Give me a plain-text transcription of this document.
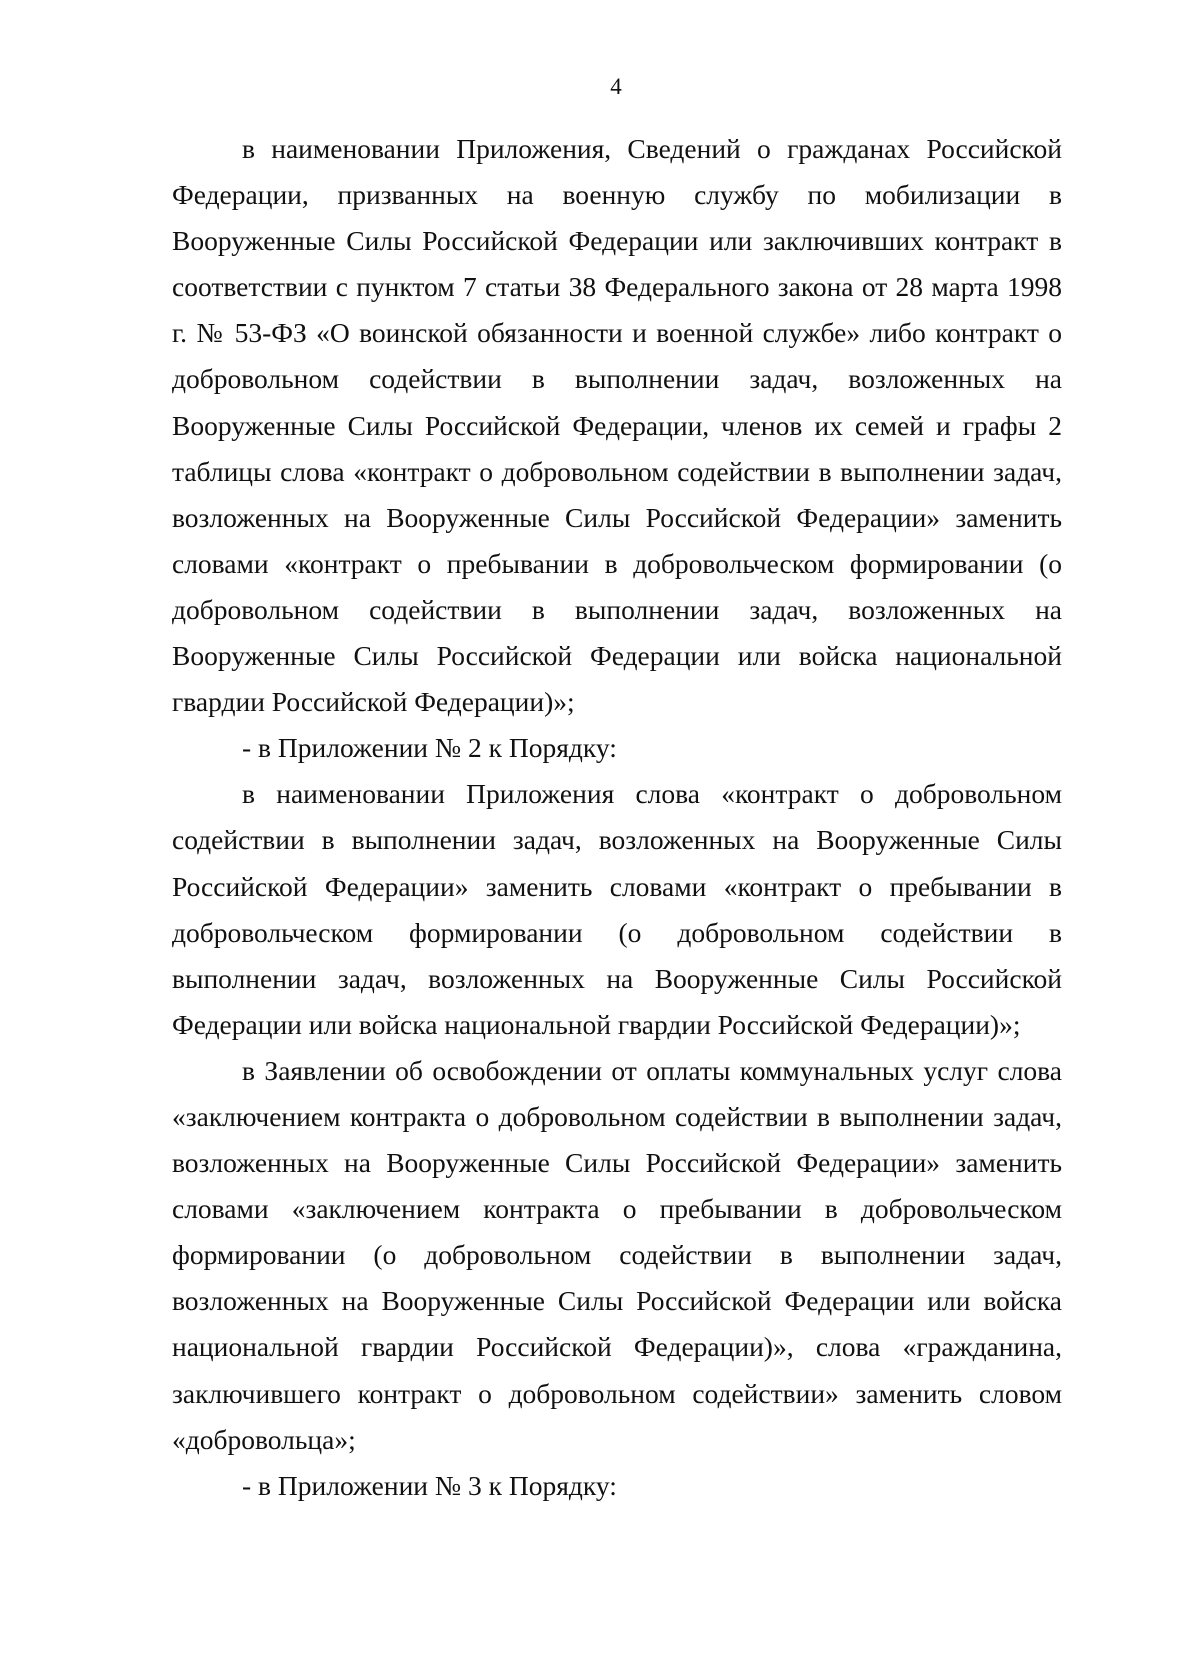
4

в наименовании Приложения, Сведений о гражданах Российской Федерации, призванных на военную службу по мобилизации в Вооруженные Силы Российской Федерации или заключивших контракт в соответствии с пунктом 7 статьи 38 Федерального закона от 28 марта 1998 г. № 53-ФЗ «О воинской обязанности и военной службе» либо контракт о добровольном содействии в выполнении задач, возложенных на Вооруженные Силы Российской Федерации, членов их семей и графы 2 таблицы слова «контракт о добровольном содействии в выполнении задач, возложенных на Вооруженные Силы Российской Федерации» заменить словами «контракт о пребывании в добровольческом формировании (о добровольном содействии в выполнении задач, возложенных на Вооруженные Силы Российской Федерации или войска национальной гвардии Российской Федерации)»;

- в Приложении № 2 к Порядку:

в наименовании Приложения слова «контракт о добровольном содействии в выполнении задач, возложенных на Вооруженные Силы Российской Федерации» заменить словами «контракт о пребывании в добровольческом формировании (о добровольном содействии в выполнении задач, возложенных на Вооруженные Силы Российской Федерации или войска национальной гвардии Российской Федерации)»;

в Заявлении об освобождении от оплаты коммунальных услуг слова «заключением контракта о добровольном содействии в выполнении задач, возложенных на Вооруженные Силы Российской Федерации» заменить словами «заключением контракта о пребывании в добровольческом формировании (о добровольном содействии в выполнении задач, возложенных на Вооруженные Силы Российской Федерации или войска национальной гвардии Российской Федерации)», слова «гражданина, заключившего контракт о добровольном содействии» заменить словом «добровольца»;

- в Приложении № 3 к Порядку:
